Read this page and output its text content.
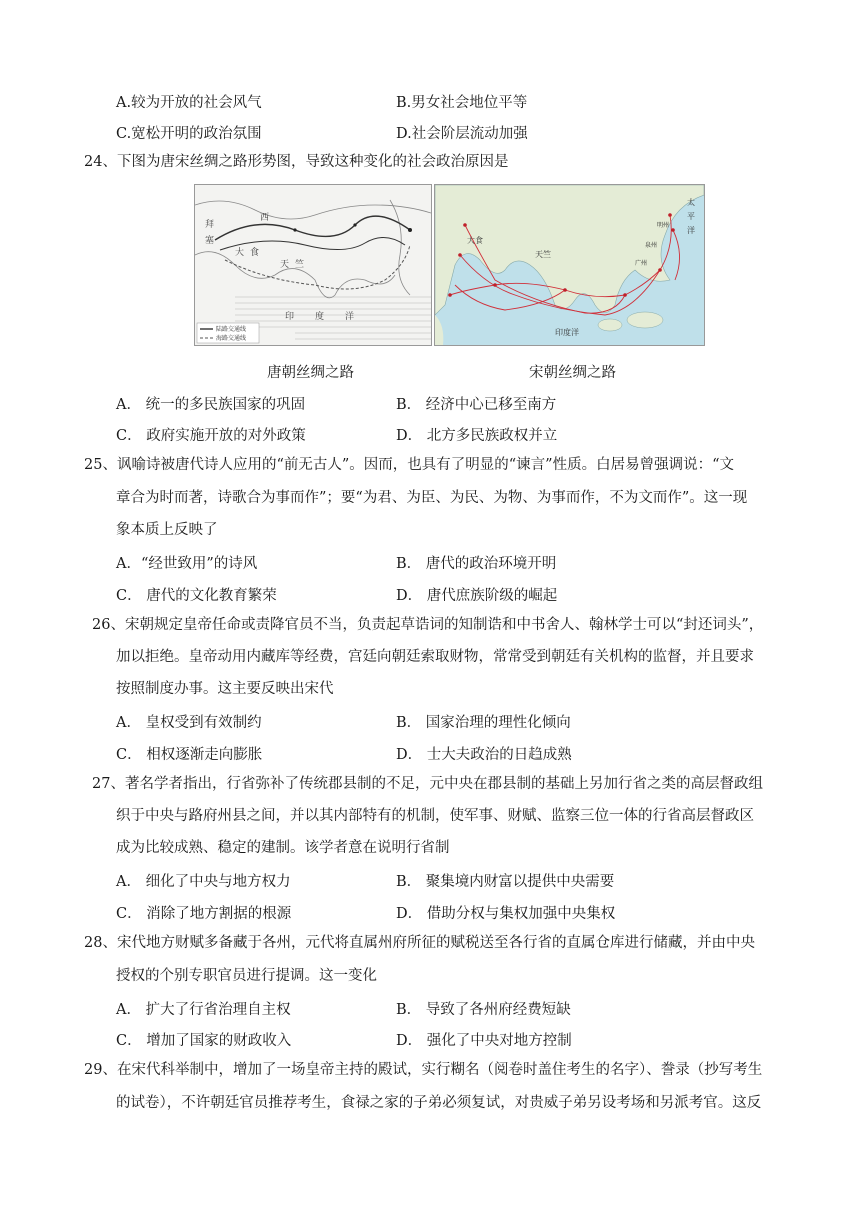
A.较为开放的社会风气	B.男女社会地位平等
C.宽松开明的政治氛围	D.社会阶层流动加强
24、下图为唐宋丝绸之路形势图，导致这种变化的社会政治原因是
西
拜
塞
大 食
天 竺
印 度 洋
陆路交通线
海路交通线
大食
天竺
印度洋
太
平
洋
泉州
广州
明州
唐朝丝绸之路	宋朝丝绸之路
A． 统一的多民族国家的巩固	B． 经济中心已移至南方
C． 政府实施开放的对外政策	D． 北方多民族政权并立
25、讽喻诗被唐代诗人应用的“前无古人”。因而，也具有了明显的“谏言”性质。白居易曾强调说：“文
章合为时而著，诗歌合为事而作”；要“为君、为臣、为民、为物、为事而作，不为文而作”。这一现
象本质上反映了
A．“经世致用”的诗风	B． 唐代的政治环境开明
C． 唐代的文化教育繁荣	D． 唐代庶族阶级的崛起
26、宋朝规定皇帝任命或责降官员不当，负责起草诰词的知制诰和中书舍人、翰林学士可以“封还词头”，
加以拒绝。皇帝动用内藏库等经费，宫廷向朝廷索取财物，常常受到朝廷有关机构的监督，并且要求
按照制度办事。这主要反映出宋代
A． 皇权受到有效制约	B． 国家治理的理性化倾向
C． 相权逐渐走向膨胀	D． 士大夫政治的日趋成熟
27、著名学者指出，行省弥补了传统郡县制的不足，元中央在郡县制的基础上另加行省之类的高层督政组
织于中央与路府州县之间，并以其内部特有的机制，使军事、财赋、监察三位一体的行省高层督政区
成为比较成熟、稳定的建制。该学者意在说明行省制
A． 细化了中央与地方权力	B． 聚集境内财富以提供中央需要
C． 消除了地方割据的根源	D． 借助分权与集权加强中央集权
28、宋代地方财赋多备藏于各州，元代将直属州府所征的赋税送至各行省的直属仓库进行储藏，并由中央
授权的个别专职官员进行提调。这一变化
A． 扩大了行省治理自主权	B． 导致了各州府经费短缺
C． 增加了国家的财政收入	D． 强化了中央对地方控制
29、在宋代科举制中，增加了一场皇帝主持的殿试，实行糊名（阅卷时盖住考生的名字）、誊录（抄写考生
的试卷），不许朝廷官员推荐考生，食禄之家的子弟必须复试，对贵威子弟另设考场和另派考官。这反
